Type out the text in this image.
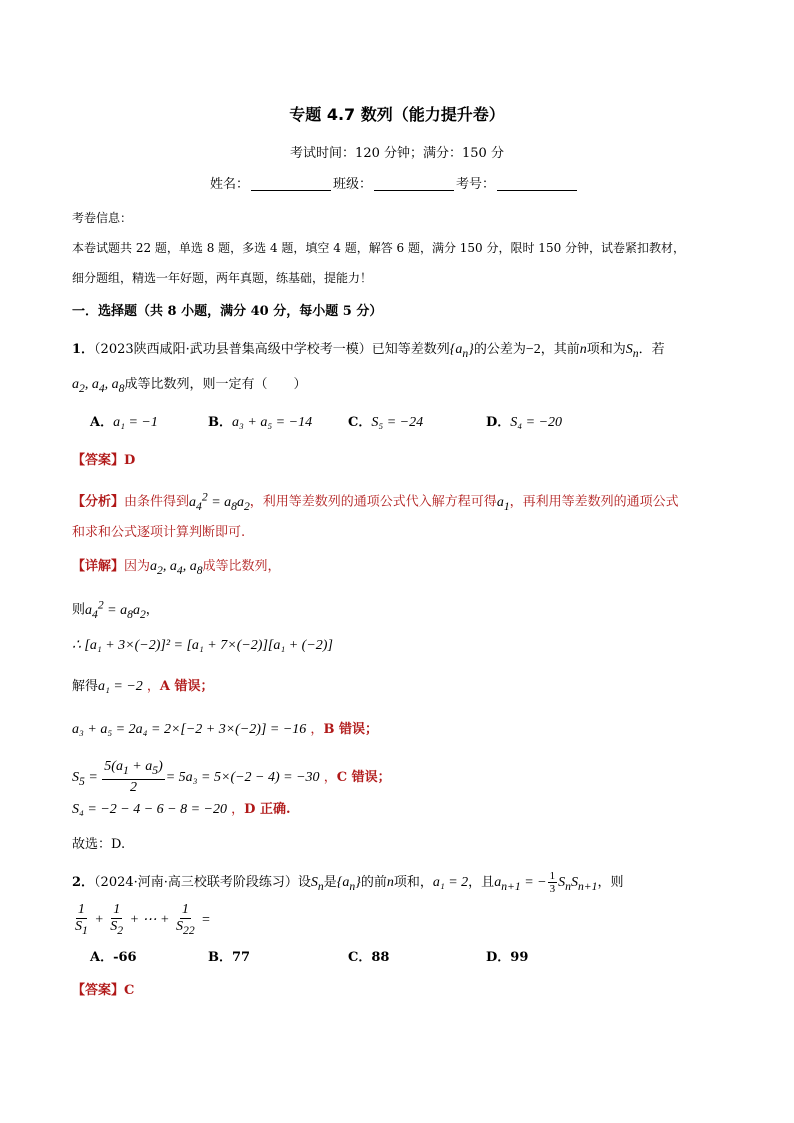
专题 4.7 数列（能力提升卷）
考试时间：120 分钟；满分：150 分
姓名：	班级：	考号：
考卷信息：
本卷试题共 22 题，单选 8 题，多选 4 题，填空 4 题，解答 6 题，满分 150 分，限时 150 分钟，试卷紧扣教材，
细分题组，精选一年好题，两年真题，练基础，提能力！
一．选择题（共 8 小题，满分 40 分，每小题 5 分）
1．（2023陕西咸阳·武功县普集高级中学校考一模）已知等差数列$\{a_n\}$的公差为−2，其前n项和为$S_n$．若
$a_2$, $a_4$, $a_8$成等比数列，则一定有（　　）
A．a₁ = −1	B．a₃ + a₅ = −14	C．S₅ = −24	D．S₄ = −20
【答案】D
【分析】由条件得到$a_4^2 = a_8a_2$，利用等差数列的通项公式代入解方程可得$a_1$，再利用等差数列的通项公式
和求和公式逐项计算判断即可.
【详解】因为$a_2$, $a_4$, $a_8$成等比数列，
则$a_4^2 = a_8a_2$，
∴ [a₁ + 3×(−2)]² = [a₁ + 7×(−2)][a₁ + (−2)]
解得a₁ = −2 ，A 错误；
a₃ + a₅ = 2a₄ = 2×[−2 + 3×(−2)] = −16 ，B 错误；
$S_5 = \frac{5(a_1 + a_5)}{2} = 5a_3 = 5\times(-2 - 4) = -30$ ，C 错误；
S₄ = −2 − 4 − 6 − 8 = −20 ，D 正确.
故选：D.
2．（2024·河南·高三校联考阶段练习）设$S_n$是$\{a_n\}$的前n项和，a₁ = 2，且$a_{n+1}$ = − $\frac{1}{3} S_nS_{n+1}$，则
$\frac{1}{S_1} + \frac{1}{S_2}$ + ⋯ + $\frac{1}{S_{22}}$ =
A．-66	B．77	C．88	D．99
【答案】C
